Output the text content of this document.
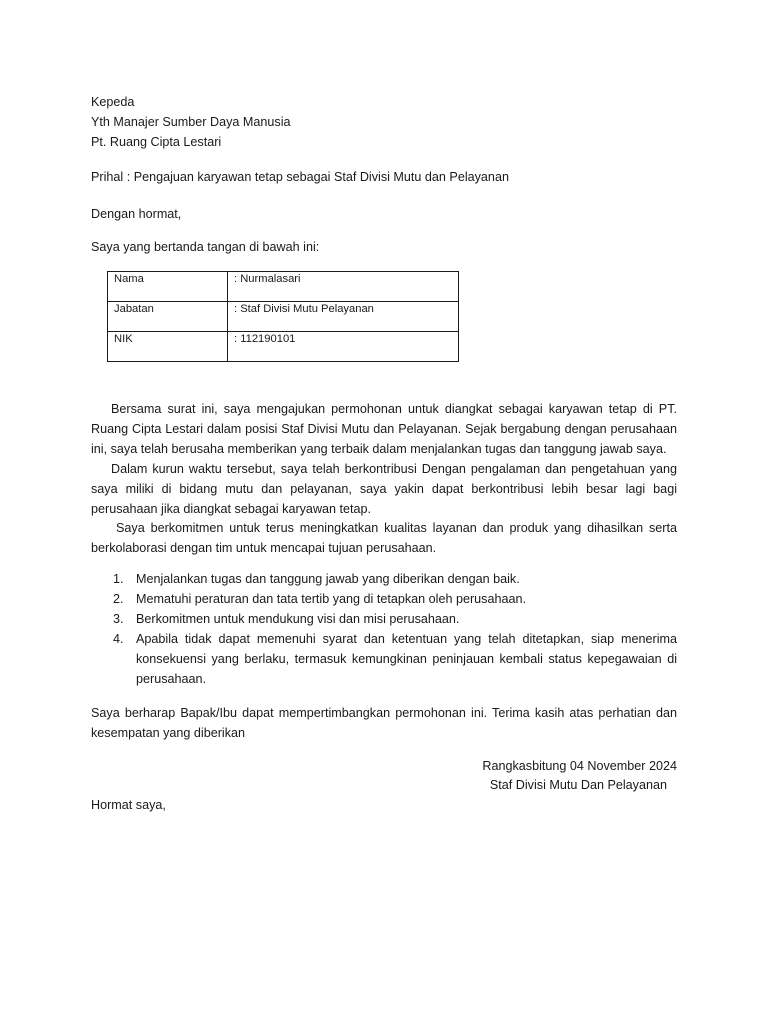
Kepeda
Yth Manajer Sumber Daya Manusia
Pt. Ruang Cipta Lestari
Prihal : Pengajuan karyawan tetap sebagai Staf Divisi Mutu dan Pelayanan
Dengan hormat,
Saya yang bertanda tangan di bawah ini:
Nama	: Nurmalasari
Jabatan	: Staf Divisi Mutu Pelayanan
NIK	: 112190101
Bersama surat ini, saya mengajukan permohonan untuk diangkat sebagai karyawan tetap di PT. Ruang Cipta Lestari dalam posisi Staf Divisi Mutu dan Pelayanan. Sejak bergabung dengan perusahaan ini, saya telah berusaha memberikan yang terbaik dalam menjalankan tugas dan tanggung jawab saya.
Dalam kurun waktu tersebut, saya telah berkontribusi Dengan pengalaman dan pengetahuan yang saya miliki di bidang mutu dan pelayanan, saya yakin dapat berkontribusi lebih besar lagi bagi perusahaan jika diangkat sebagai karyawan tetap.
Saya berkomitmen untuk terus meningkatkan kualitas layanan dan produk yang dihasilkan serta berkolaborasi dengan tim untuk mencapai tujuan perusahaan.
1. Menjalankan tugas dan tanggung jawab yang diberikan dengan baik.
2. Mematuhi peraturan dan tata tertib yang di tetapkan oleh perusahaan.
3. Berkomitmen untuk mendukung visi dan misi perusahaan.
4. Apabila tidak dapat memenuhi syarat dan ketentuan yang telah ditetapkan, siap menerima konsekuensi yang berlaku, termasuk kemungkinan peninjauan kembali status kepegawaian di perusahaan.
Saya berharap Bapak/Ibu dapat mempertimbangkan permohonan ini. Terima kasih atas perhatian dan kesempatan yang diberikan
Rangkasbitung 04 November 2024
Staf Divisi Mutu Dan Pelayanan
Hormat saya,
